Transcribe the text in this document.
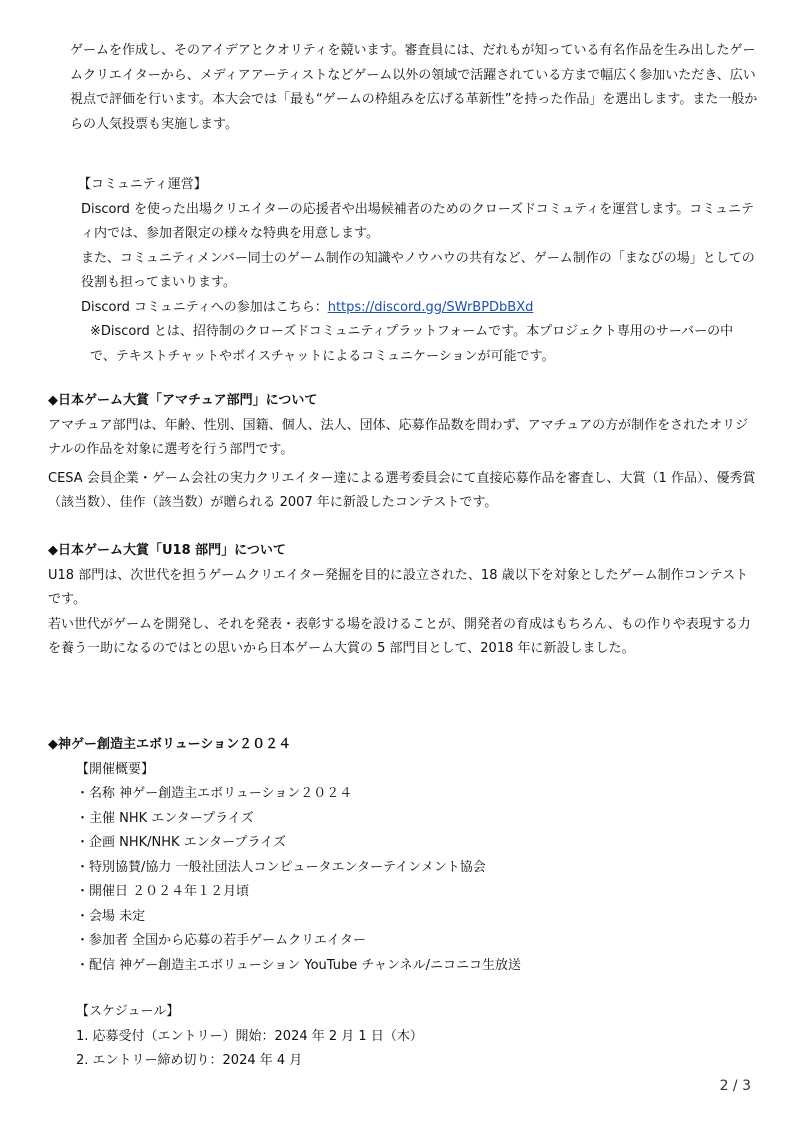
ゲームを作成し、そのアイデアとクオリティを競います。審査員には、だれもが知っている有名作品を生み出したゲームクリエイターから、メディアアーティストなどゲーム以外の領域で活躍されている方まで幅広く参加いただき、広い視点で評価を行います。本大会では「最も“ゲームの枠組みを広げる革新性”を持った作品」を選出します。また一般からの人気投票も実施します。

【コミュニティ運営】

Discord を使った出場クリエイターの応援者や出場候補者のためのクローズドコミュティを運営します。コミュニティ内では、参加者限定の様々な特典を用意します。

また、コミュニティメンバー同士のゲーム制作の知識やノウハウの共有など、ゲーム制作の「まなびの場」としての役割も担ってまいります。

Discord コミュニティへの参加はこちら：https://discord.gg/SWrBPDbBXd

※Discord とは、招待制のクローズドコミュニティプラットフォームです。本プロジェクト専用のサーバーの中で、テキストチャットやボイスチャットによるコミュニケーションが可能です。

◆日本ゲーム大賞「アマチュア部門」について

アマチュア部門は、年齢、性別、国籍、個人、法人、団体、応募作品数を問わず、アマチュアの方が制作をされたオリジナルの作品を対象に選考を行う部門です。

CESA 会員企業・ゲーム会社の実力クリエイター達による選考委員会にて直接応募作品を審査し、大賞（1 作品）、優秀賞（該当数）、佳作（該当数）が贈られる 2007 年に新設したコンテストです。

◆日本ゲーム大賞「U18 部門」について

U18 部門は、次世代を担うゲームクリエイター発掘を目的に設立された、18 歳以下を対象としたゲーム制作コンテストです。

若い世代がゲームを開発し、それを発表・表彰する場を設けることが、開発者の育成はもちろん、もの作りや表現する力を養う一助になるのではとの思いから日本ゲーム大賞の 5 部門目として、2018 年に新設しました。

◆神ゲー創造主エボリューション２０２４

【開催概要】

・名称 神ゲー創造主エボリューション２０２４

・主催 NHK エンタープライズ

・企画 NHK/NHK エンタープライズ

・特別協賛/協力 一般社団法人コンピュータエンターテインメント協会

・開催日 ２０２４年１２月頃

・会場 未定

・参加者 全国から応募の若手ゲームクリエイター

・配信 神ゲー創造主エボリューション YouTube チャンネル/ニコニコ生放送

【スケジュール】

1. 応募受付（エントリー）開始：2024 年 2 月 1 日（木）

2. エントリー締め切り：2024 年 4 月

2 / 3
